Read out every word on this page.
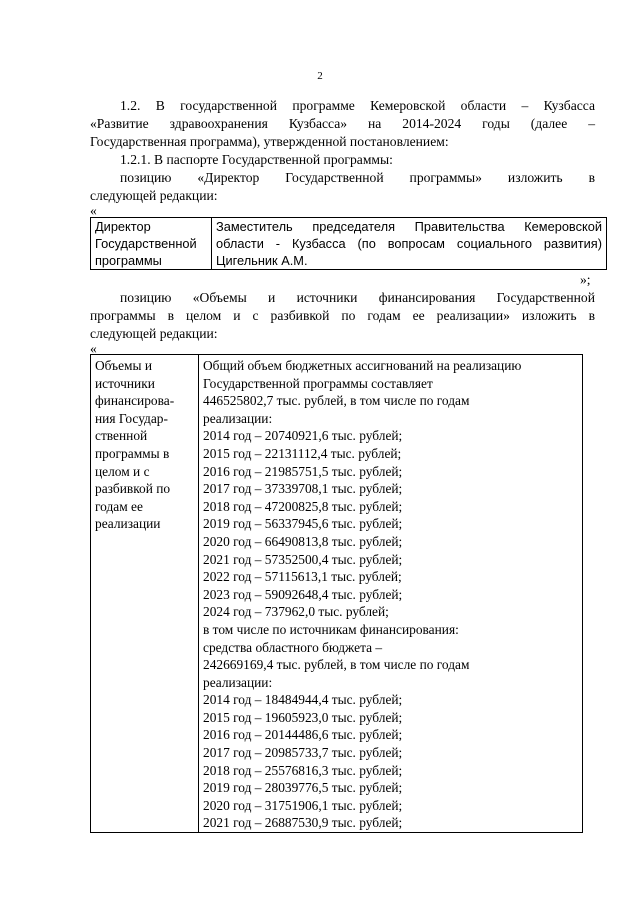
2

1.2. В государственной программе Кемеровской области – Кузбасса

«Развитие здравоохранения Кузбасса» на 2014-2024 годы (далее –

Государственная программа), утвержденной постановлением:

1.2.1. В паспорте Государственной программы:

позицию «Директор Государственной программы» изложить в

следующей редакции:

«
Директор
Государственной
программы

Заместитель председателя Правительства Кемеровской
области - Кузбасса (по вопросам социального развития)
Цигельник А.М.
»;

позицию «Объемы и источники финансирования Государственной

программы в целом и с разбивкой по годам ее реализации» изложить в

следующей редакции:

«
Объемы и
источники
финансирова-
ния Государ-
ственной
программы в
целом и с
разбивкой по
годам ее
реализации

Общий объем бюджетных ассигнований на реализацию
Государственной программы составляет
446525802,7 тыс. рублей, в том числе по годам
реализации:
2014 год – 20740921,6 тыс. рублей;
2015 год – 22131112,4 тыс. рублей;
2016 год – 21985751,5 тыс. рублей;
2017 год – 37339708,1 тыс. рублей;
2018 год – 47200825,8 тыс. рублей;
2019 год – 56337945,6 тыс. рублей;
2020 год – 66490813,8 тыс. рублей;
2021 год – 57352500,4 тыс. рублей;
2022 год – 57115613,1 тыс. рублей;
2023 год – 59092648,4 тыс. рублей;
2024 год – 737962,0 тыс. рублей;
в том числе по источникам финансирования:
средства областного бюджета –
242669169,4 тыс. рублей, в том числе по годам
реализации:
2014 год – 18484944,4 тыс. рублей;
2015 год – 19605923,0 тыс. рублей;
2016 год – 20144486,6 тыс. рублей;
2017 год – 20985733,7 тыс. рублей;
2018 год – 25576816,3 тыс. рублей;
2019 год – 28039776,5 тыс. рублей;
2020 год – 31751906,1 тыс. рублей;
2021 год – 26887530,9 тыс. рублей;
